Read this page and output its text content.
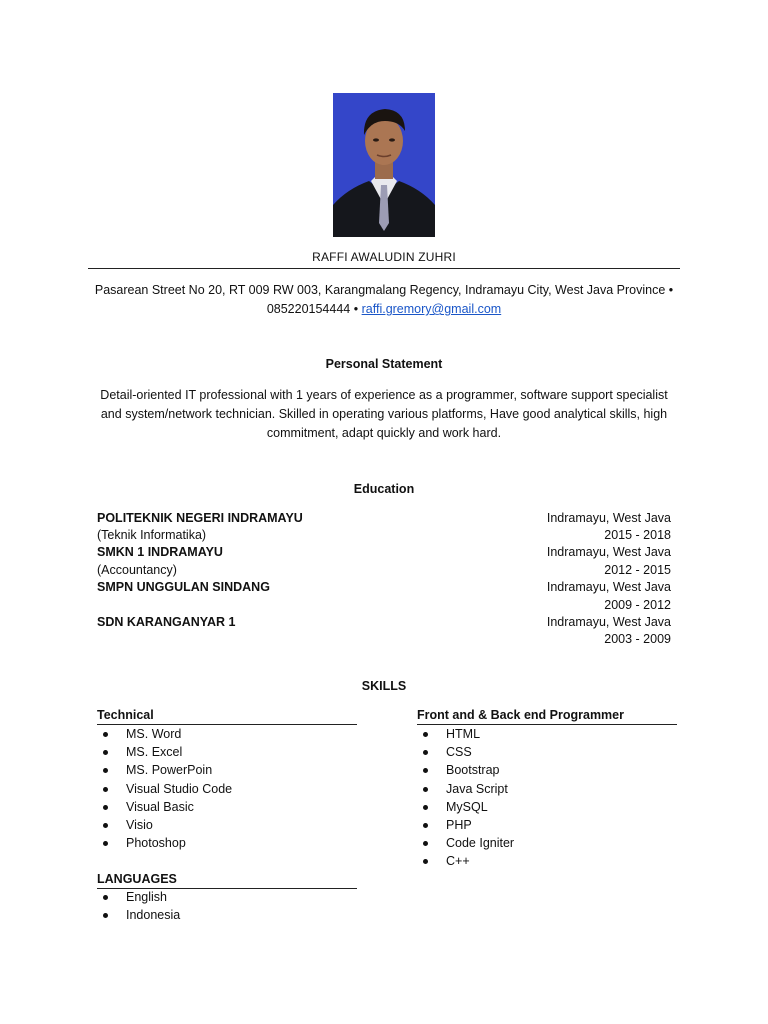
RAFFI AWALUDIN ZUHRI
Pasarean Street No 20, RT 009 RW 003, Karangmalang Regency, Indramayu City, West Java Province •
085220154444 • raffi.gremory@gmail.com
Personal Statement
Detail-oriented IT professional with 1 years of experience as a programmer, software support specialist and system/network technician. Skilled in operating various platforms, Have good analytical skills, high commitment, adapt quickly and work hard.
Education
POLITEKNIK NEGERI INDRAMAYU	Indramayu, West Java
(Teknik Informatika)	2015 - 2018
SMKN 1 INDRAMAYU	Indramayu, West Java
(Accountancy)	2012 - 2015
SMPN UNGGULAN SINDANG	Indramayu, West Java
2009 - 2012
SDN KARANGANYAR 1	Indramayu, West Java
2003 - 2009
SKILLS
Technical
MS. Word
MS. Excel
MS. PowerPoin
Visual Studio Code
Visual Basic
Visio
Photoshop
Front and & Back end Programmer
HTML
CSS
Bootstrap
Java Script
MySQL
PHP
Code Igniter
C++
LANGUAGES
English
Indonesia
